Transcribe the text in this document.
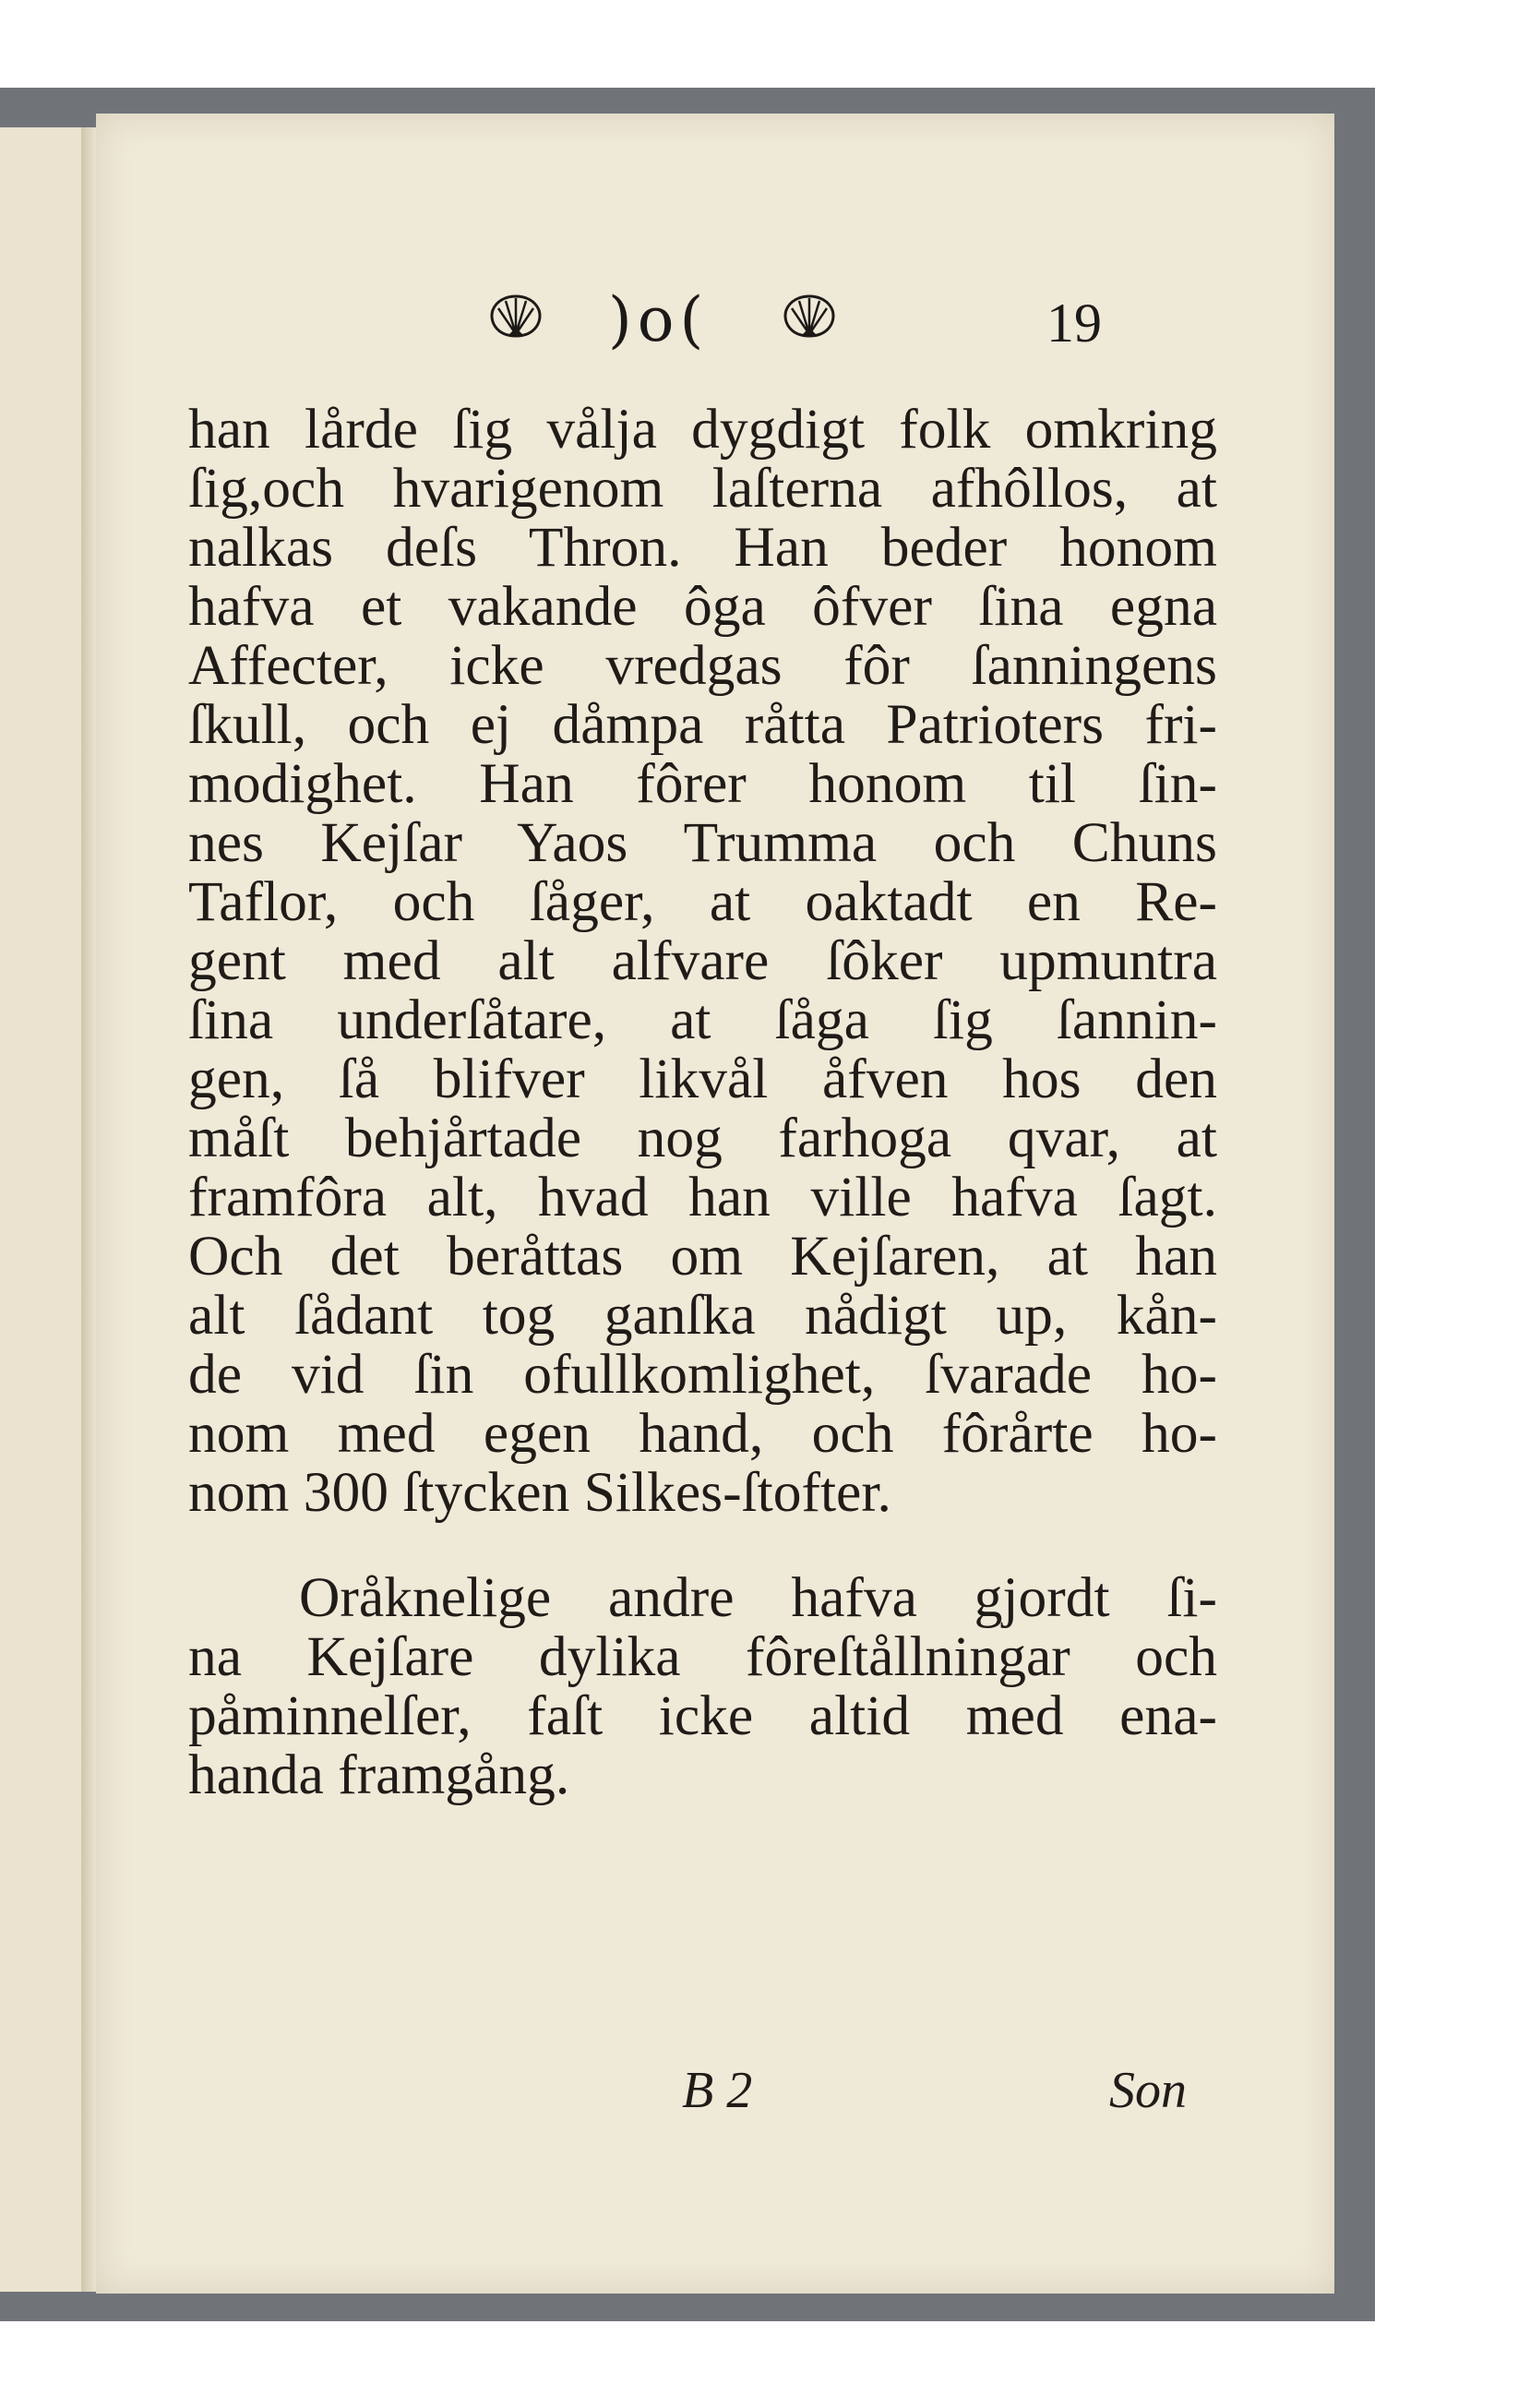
)o(	19
han lårde ſig vålja dygdigt folk omkring
ſig,och hvarigenom laſterna afhôllos, at
nalkas deſs Thron. Han beder honom
hafva et vakande ôga ôfver ſina egna
Affecter, icke vredgas fôr ſanningens
ſkull, och ej dåmpa råtta Patrioters fri-
modighet. Han fôrer honom til ſin-
nes Kejſar Yaos Trumma och Chuns
Taflor, och ſåger, at oaktadt en Re-
gent med alt alfvare ſôker upmuntra
ſina underſåtare, at ſåga ſig ſannin-
gen, ſå blifver likvål åfven hos den
måſt behjårtade nog farhoga qvar, at
framfôra alt, hvad han ville hafva ſagt.
Och det beråttas om Kejſaren, at han
alt ſådant tog ganſka nådigt up, kån-
de vid ſin ofullkomlighet, ſvarade ho-
nom med egen hand, och fôrårte ho-
nom 300 ſtycken Silkes-ſtofter.
Oråknelige andre hafva gjordt ſi-
na Kejſare dylika fôreſtållningar och
påminnelſer, faſt icke altid med ena-
handa framgång.
B 2	Son
